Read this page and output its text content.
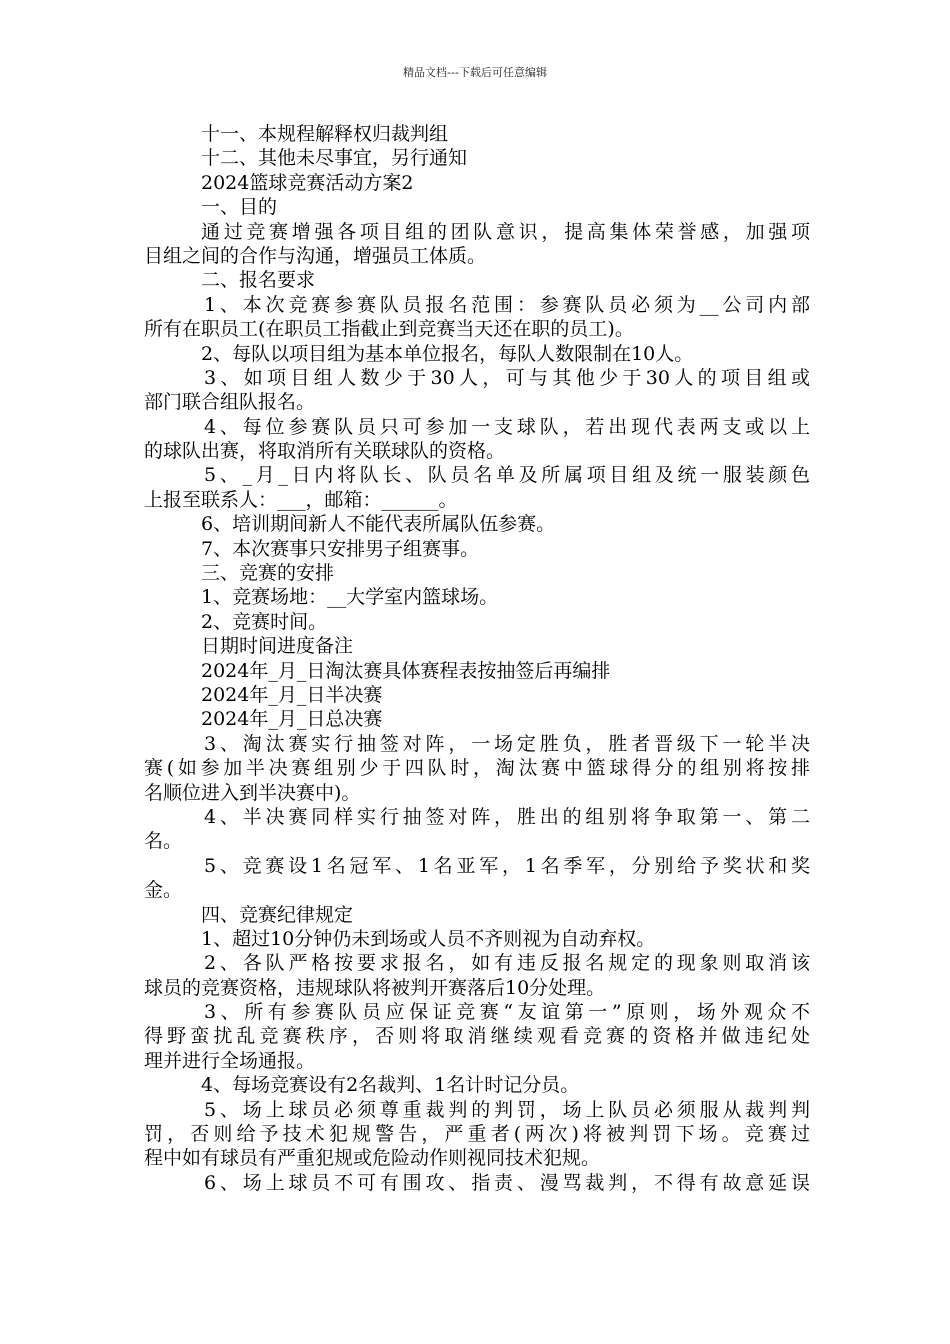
精品文档---下载后可任意编辑
十一、本规程解释权归裁判组
十二、其他未尽事宜，另行通知
2024篮球竞赛活动方案2
一、目的
通过竞赛增强各项目组的团队意识，提高集体荣誉感，加强项
目组之间的合作与沟通，增强员工体质。
二、报名要求
1、本次竞赛参赛队员报名范围：参赛队员必须为__公司内部
所有在职员工(在职员工指截止到竞赛当天还在职的员工)。
2、每队以项目组为基本单位报名，每队人数限制在10人。
3、如项目组人数少于30人，可与其他少于30人的项目组或
部门联合组队报名。
4、每位参赛队员只可参加一支球队，若出现代表两支或以上
的球队出赛，将取消所有关联球队的资格。
5、_月_日内将队长、队员名单及所属项目组及统一服装颜色
上报至联系人：___，邮箱：______。
6、培训期间新人不能代表所属队伍参赛。
7、本次赛事只安排男子组赛事。
三、竞赛的安排
1、竞赛场地：__大学室内篮球场。
2、竞赛时间。
日期时间进度备注
2024年_月_日淘汰赛具体赛程表按抽签后再编排
2024年_月_日半决赛
2024年_月_日总决赛
3、淘汰赛实行抽签对阵，一场定胜负，胜者晋级下一轮半决
赛(如参加半决赛组别少于四队时，淘汰赛中篮球得分的组别将按排
名顺位进入到半决赛中)。
4、半决赛同样实行抽签对阵，胜出的组别将争取第一、第二
名。
5、竞赛设1名冠军、1名亚军，1名季军，分别给予奖状和奖
金。
四、竞赛纪律规定
1、超过10分钟仍未到场或人员不齐则视为自动弃权。
2、各队严格按要求报名，如有违反报名规定的现象则取消该
球员的竞赛资格，违规球队将被判开赛落后10分处理。
3、所有参赛队员应保证竞赛“友谊第一”原则，场外观众不
得野蛮扰乱竞赛秩序，否则将取消继续观看竞赛的资格并做违纪处
理并进行全场通报。
4、每场竞赛设有2名裁判、1名计时记分员。
5、场上球员必须尊重裁判的判罚，场上队员必须服从裁判判
罚，否则给予技术犯规警告，严重者(两次)将被判罚下场。竞赛过
程中如有球员有严重犯规或危险动作则视同技术犯规。
6、场上球员不可有围攻、指责、漫骂裁判，不得有故意延误
